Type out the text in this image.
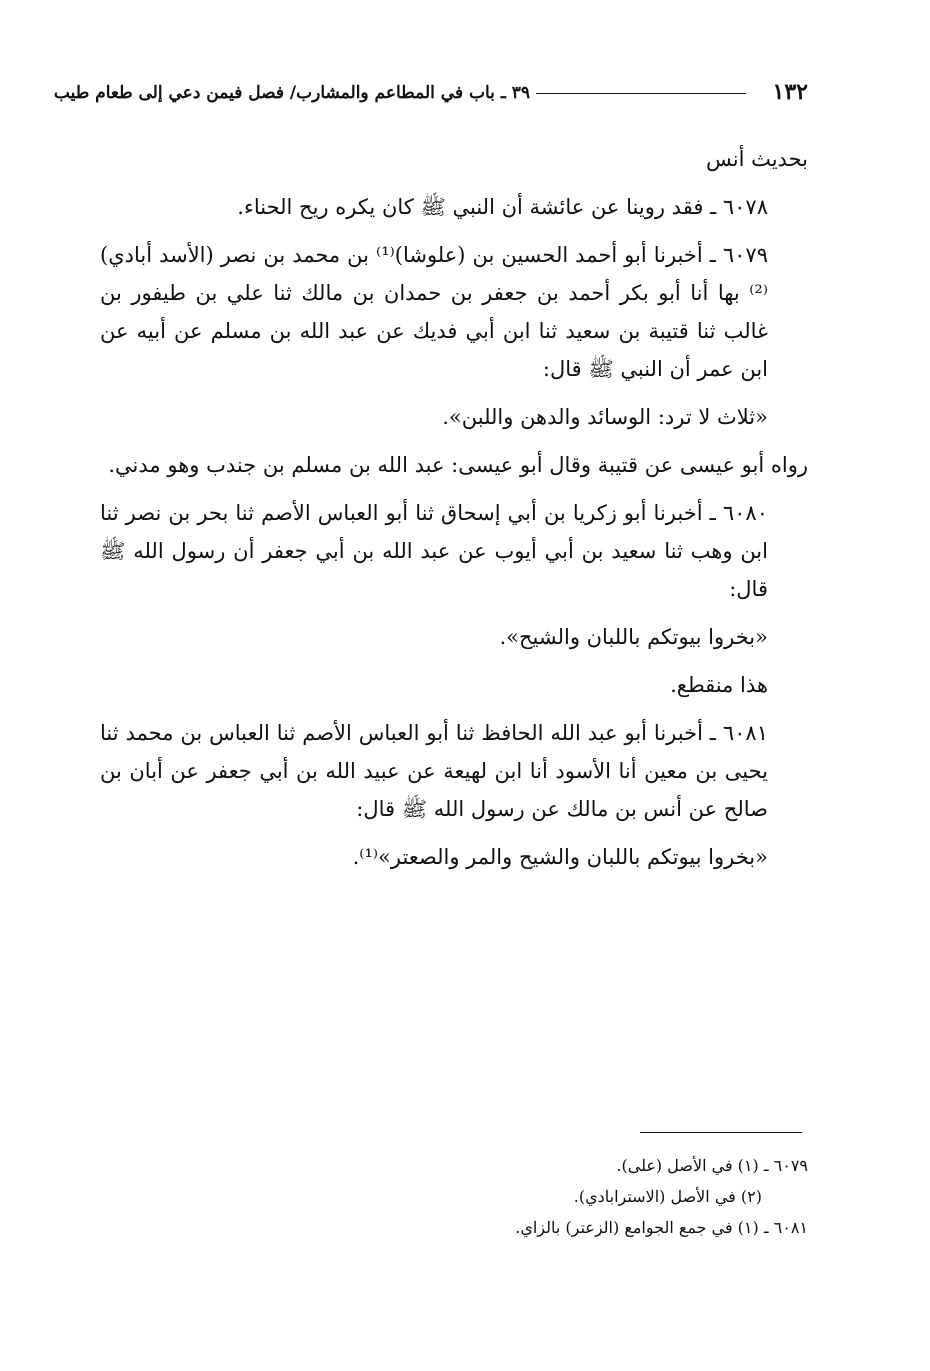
١٣٢
٣٩ ـ باب في المطاعم والمشارب/ فصل فيمن دعي إلى طعام طيب

بحديث أنس

٦٠٧٨ ـ فقد روينا عن عائشة أن النبي ﷺ كان يكره ريح الحناء.

٦٠٧٩ ـ أخبرنا أبو أحمد الحسين بن (علوشا)⁽¹⁾ بن محمد بن نصر (الأسد أبادي)⁽²⁾ بها أنا أبو بكر أحمد بن جعفر بن حمدان بن مالك ثنا علي بن طيفور بن غالب ثنا قتيبة بن سعيد ثنا ابن أبي فديك عن عبد الله بن مسلم عن أبيه عن ابن عمر أن النبي ﷺ قال:

«ثلاث لا ترد: الوسائد والدهن واللبن».

رواه أبو عيسى عن قتيبة وقال أبو عيسى: عبد الله بن مسلم بن جندب وهو مدني.

٦٠٨٠ ـ أخبرنا أبو زكريا بن أبي إسحاق ثنا أبو العباس الأصم ثنا بحر بن نصر ثنا ابن وهب ثنا سعيد بن أبي أيوب عن عبد الله بن أبي جعفر أن رسول الله ﷺ قال:

«بخروا بيوتكم باللبان والشيح».

هذا منقطع.

٦٠٨١ ـ أخبرنا أبو عبد الله الحافظ ثنا أبو العباس الأصم ثنا العباس بن محمد ثنا يحيى بن معين أنا الأسود أنا ابن لهيعة عن عبيد الله بن أبي جعفر عن أبان بن صالح عن أنس بن مالك عن رسول الله ﷺ قال:

«بخروا بيوتكم باللبان والشيح والمر والصعتر»⁽¹⁾.

٦٠٧٩ ـ (١) في الأصل (على).
(٢) في الأصل (الاسترابادي).
٦٠٨١ ـ (١) في جمع الجوامع (الزعتر) بالزاي.
